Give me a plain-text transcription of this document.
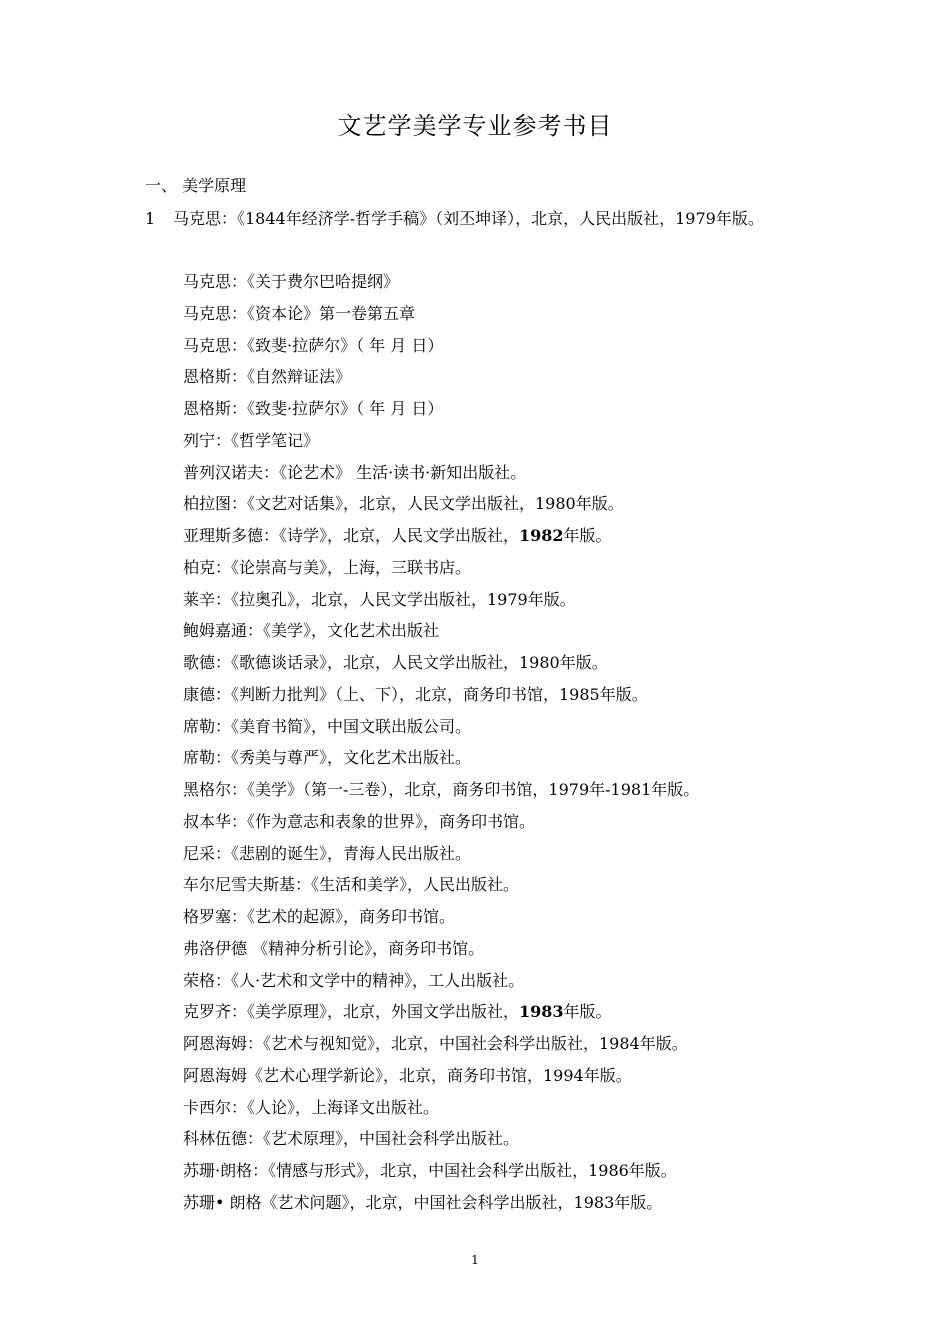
文艺学美学专业参考书目
一、 美学原理
1 马克思：《1844年经济学-哲学手稿》（刘丕坤译），北京，人民出版社，1979年版。
马克思：《关于费尔巴哈提纲》
马克思：《资本论》第一卷第五章
马克思：《致斐·拉萨尔》（ 年 月 日）
恩格斯：《自然辩证法》
恩格斯：《致斐·拉萨尔》（ 年 月 日）
列宁：《哲学笔记》
普列汉诺夫：《论艺术》 生活·读书·新知出版社。
柏拉图：《文艺对话集》，北京，人民文学出版社，1980年版。
亚理斯多德：《诗学》，北京，人民文学出版社，1982年版。
柏克：《论崇高与美》，上海，三联书店。
莱辛：《拉奥孔》，北京，人民文学出版社，1979年版。
鲍姆嘉通：《美学》，文化艺术出版社
歌德：《歌德谈话录》，北京，人民文学出版社，1980年版。
康德：《判断力批判》（上、下），北京，商务印书馆，1985年版。
席勒：《美育书简》，中国文联出版公司。
席勒：《秀美与尊严》，文化艺术出版社。
黑格尔：《美学》（第一-三卷），北京，商务印书馆，1979年-1981年版。
叔本华：《作为意志和表象的世界》，商务印书馆。
尼采：《悲剧的诞生》，青海人民出版社。
车尔尼雪夫斯基：《生活和美学》，人民出版社。
格罗塞：《艺术的起源》，商务印书馆。
弗洛伊德 《精神分析引论》，商务印书馆。
荣格：《人·艺术和文学中的精神》，工人出版社。
克罗齐：《美学原理》，北京，外国文学出版社，1983年版。
阿恩海姆：《艺术与视知觉》，北京，中国社会科学出版社，1984年版。
阿恩海姆《艺术心理学新论》，北京，商务印书馆，1994年版。
卡西尔：《人论》，上海译文出版社。
科林伍德：《艺术原理》，中国社会科学出版社。
苏珊·朗格：《情感与形式》，北京，中国社会科学出版社，1986年版。
苏珊• 朗格《艺术问题》，北京，中国社会科学出版社，1983年版。
1
